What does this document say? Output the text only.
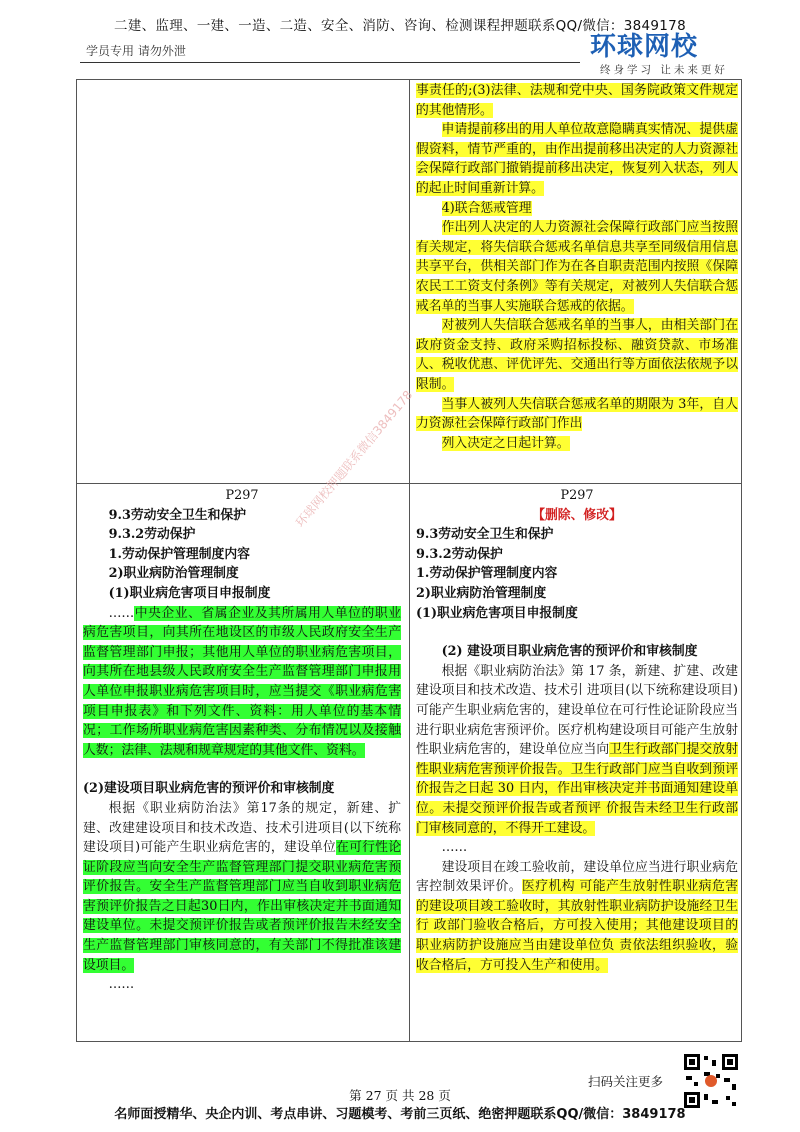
二建、监理、一建、一造、二造、安全、消防、咨询、检测课程押题联系QQ/微信：3849178
学员专用 请勿外泄	环球网校
终身学习 让未来更好

事责任的;(3)法律、法规和党中央、国务院政策文件规定的其他情形。

申请提前移出的用人单位故意隐瞒真实情况、提供虚假资料，情节严重的，由作出提前移出决定的人力资源社会保障行政部门撤销提前移出决定，恢复列入状态，列人的起止时间重新计算。

4)联合惩戒管理

作出列人决定的人力资源社会保障行政部门应当按照有关规定，将失信联合惩戒名单信息共享至同级信用信息共享平台，供相关部门作为在各自职责范围内按照《保障农民工工资支付条例》等有关规定，对被列人失信联合惩戒名单的当事人实施联合惩戒的依据。

对被列人失信联合惩戒名单的当事人，由相关部门在政府资金支持、政府采购招标投标、融资贷款、市场准人、税收优惠、评优评先、交通出行等方面依法依规予以限制。

当事人被列人失信联合惩戒名单的期限为 3年，自人力资源社会保障行政部门作出

列入决定之日起计算。

P297

9.3劳动安全卫生和保护

9.3.2劳动保护

1.劳动保护管理制度内容

2)职业病防治管理制度

(1)职业病危害项目申报制度

……中央企业、省属企业及其所属用人单位的职业病危害项目，向其所在地设区的市级人民政府安全生产监督管理部门申报；其他用人单位的职业病危害项目，向其所在地县级人民政府安全生产监督管理部门申报用人单位申报职业病危害项目时，应当提交《职业病危害项目申报表》和下列文件、资料：用人单位的基本情况；工作场所职业病危害因素种类、分布情况以及接触人数；法律、法规和规章规定的其他文件、资料。

(2)建设项目职业病危害的预评价和审核制度

根据《职业病防治法》第17条的规定，新建、扩建、改建建设项目和技术改造、技术引进项目(以下统称建设项目)可能产生职业病危害的，建设单位在可行性论证阶段应当向安全生产监督管理部门提交职业病危害预评价报告。安全生产监督管理部门应当自收到职业病危害预评价报告之日起30日内，作出审核决定并书面通知建设单位。未提交预评价报告或者预评价报告未经安全生产监督管理部门审核同意的，有关部门不得批准该建设项目。

……

P297

【删除、修改】

9.3劳动安全卫生和保护

9.3.2劳动保护

1.劳动保护管理制度内容

2)职业病防治管理制度

(1)职业病危害项目申报制度

(2) 建设项目职业病危害的预评价和审核制度

根据《职业病防治法》第 17 条，新建、扩建、改建建设项目和技术改造、技术引 进项目(以下统称建设项目)可能产生职业病危害的，建设单位在可行性论证阶段应当 进行职业病危害预评价。医疗机构建设项目可能产生放射性职业病危害的，建设单位应当向卫生行政部门提交放射性职业病危害预评价报告。卫生行政部门应当自收到预评价报告之日起 30 日内，作出审核决定并书面通知建设单位。未提交预评价报告或者预评 价报告未经卫生行政部门审核同意的，不得开工建设。

……

建设项目在竣工验收前，建设单位应当进行职业病危害控制效果评价。医疗机构 可能产生放射性职业病危害的建设项目竣工验收时，其放射性职业病防护设施经卫生行 政部门验收合格后，方可投入使用；其他建设项目的职业病防护设施应当由建设单位负 责依法组织验收，验收合格后，方可投入生产和使用。

环球网校押题联系微信3849178
扫码关注更多
第 27 页 共 28 页
名师面授精华、央企内训、考点串讲、习题模考、考前三页纸、绝密押题联系QQ/微信：3849178
